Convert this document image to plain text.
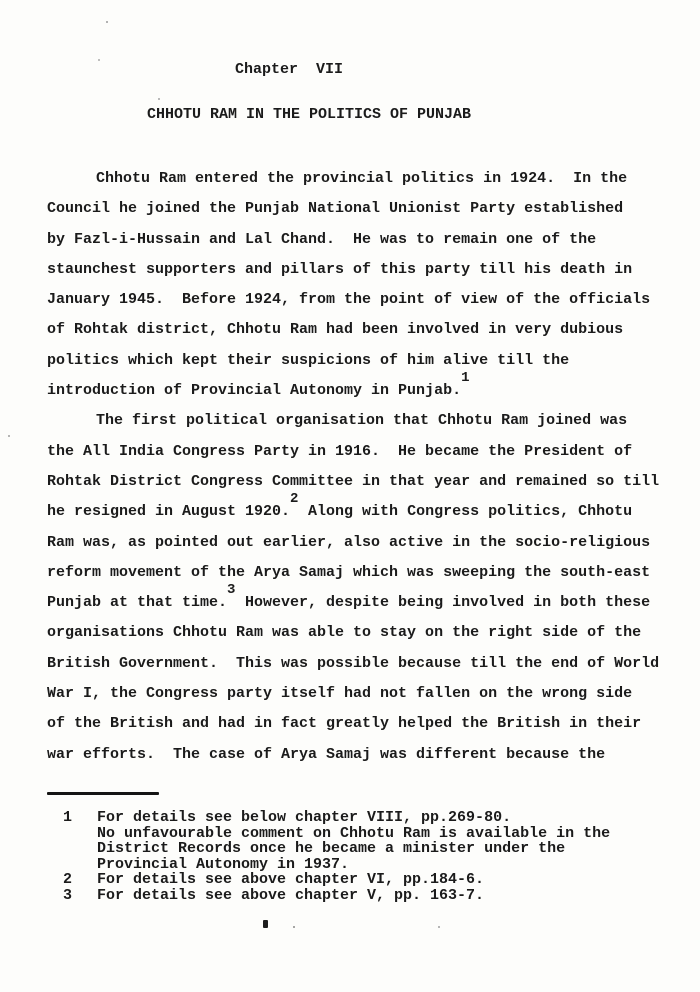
Chapter  VII
CHHOTU RAM IN THE POLITICS OF PUNJAB
Chhotu Ram entered the provincial politics in 1924.  In the
Council he joined the Punjab National Unionist Party established
by Fazl-i-Hussain and Lal Chand.  He was to remain one of the
staunchest supporters and pillars of this party till his death in
January 1945.  Before 1924, from the point of view of the officials
of Rohtak district, Chhotu Ram had been involved in very dubious
politics which kept their suspicions of him alive till the
introduction of Provincial Autonomy in Punjab.$^1$
The first political organisation that Chhotu Ram joined was
the All India Congress Party in 1916.  He became the President of
Rohtak District Congress Committee in that year and remained so till
he resigned in August 1920.$^2$ Along with Congress politics, Chhotu
Ram was, as pointed out earlier, also active in the socio-religious
reform movement of the Arya Samaj which was sweeping the south-east
Punjab at that time.$^3$ However, despite being involved in both these
organisations Chhotu Ram was able to stay on the right side of the
British Government.  This was possible because till the end of World
War I, the Congress party itself had not fallen on the wrong side
of the British and had in fact greatly helped the British in their
war efforts.  The case of Arya Samaj was different because the
1	For details see below chapter VIII, pp.269-80.
No unfavourable comment on Chhotu Ram is available in the
District Records once he became a minister under the
Provincial Autonomy in 1937.
2	For details see above chapter VI, pp.184-6.
3	For details see above chapter V, pp. 163-7.
